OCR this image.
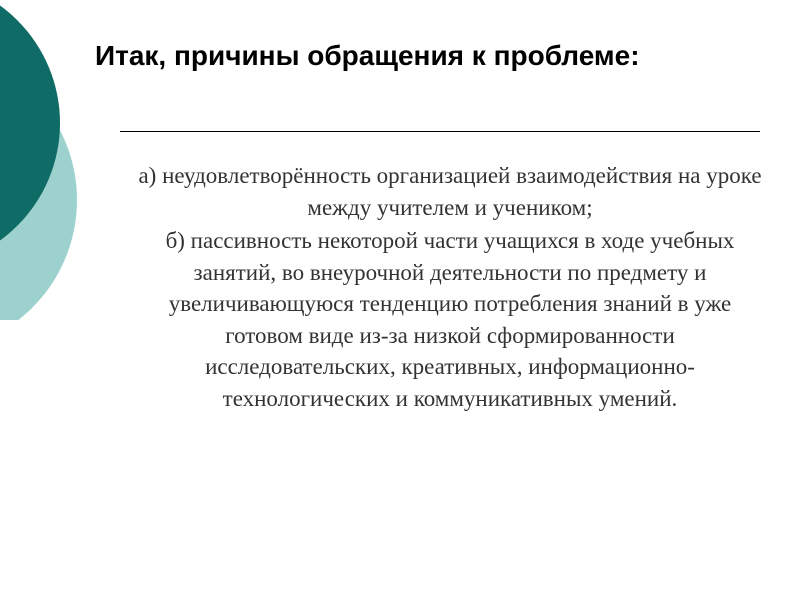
Итак, причины обращения к проблеме:

а) неудовлетворённость организацией взаимодействия на уроке между учителем и учеником;

б) пассивность некоторой части учащихся в ходе учебных занятий, во внеурочной деятельности по предмету и увеличивающуюся тенденцию потребления знаний в уже готовом виде из-за низкой сформированности исследовательских, креативных, информационно-технологических и коммуникативных умений.
